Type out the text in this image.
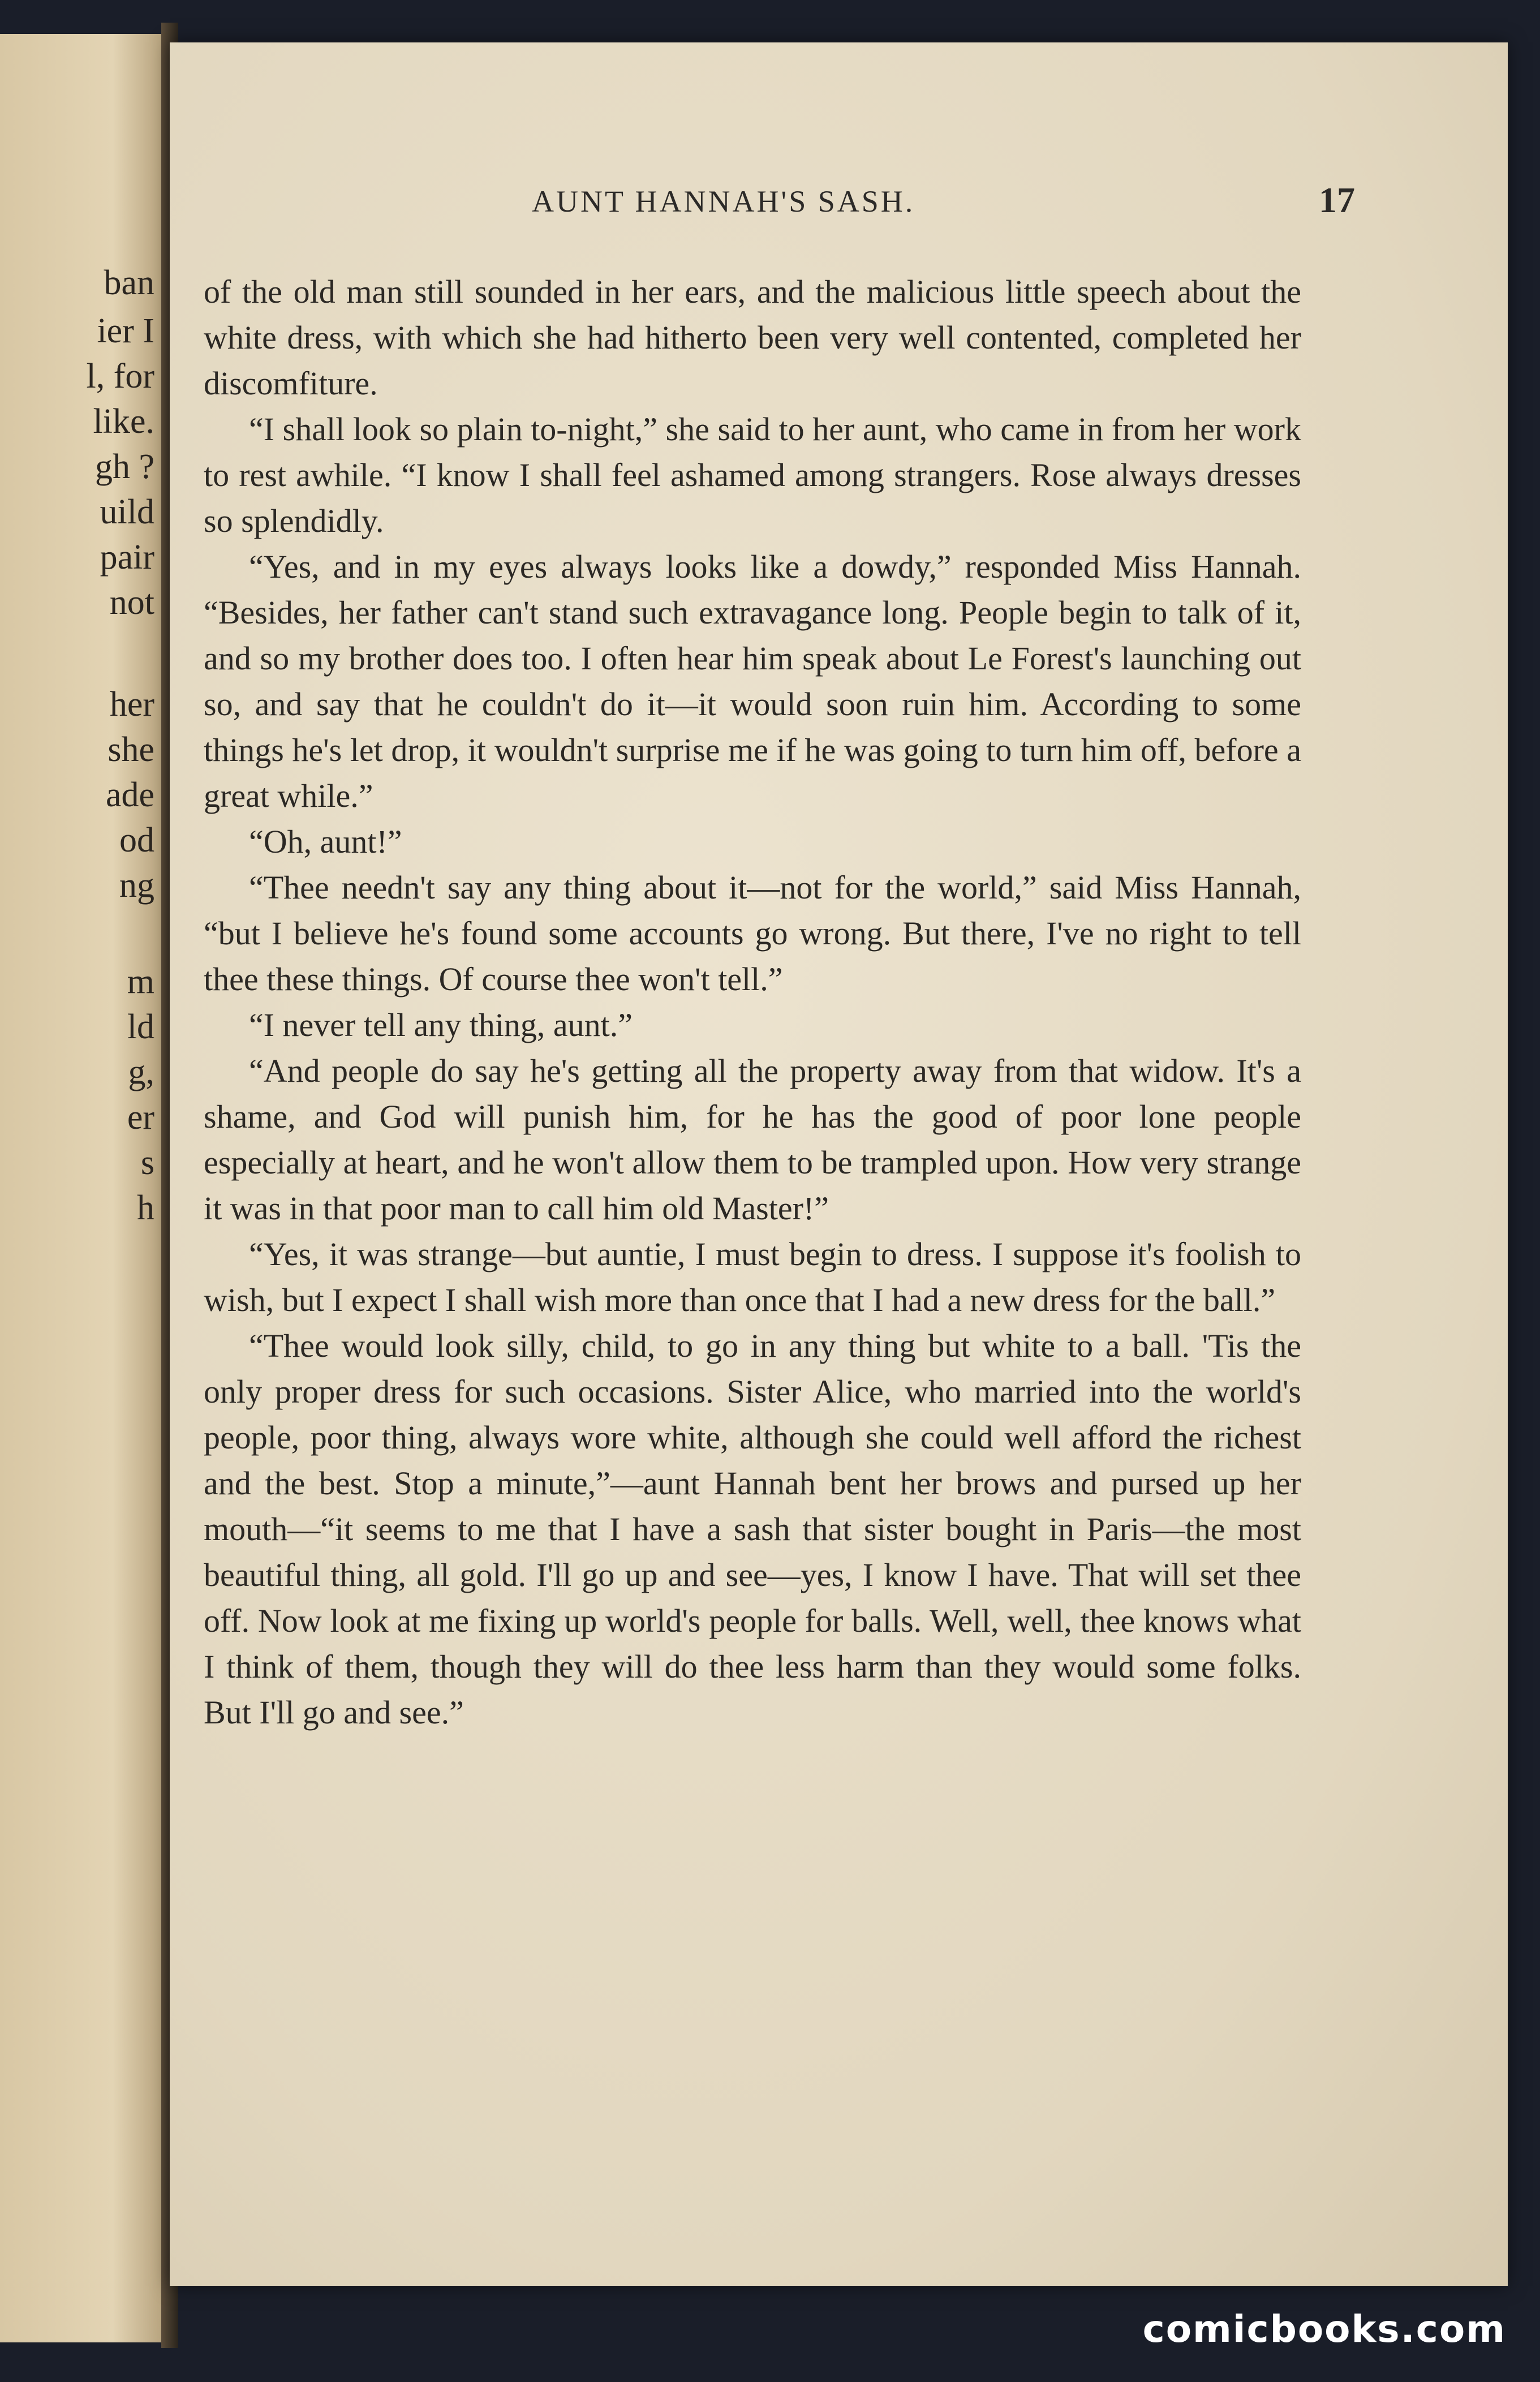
ban
ier I
l, for
like.
gh ?
uild
pair
not
her
she
ade
od
ng
m
ld
g,
er
s
h
AUNT HANNAH'S SASH.	17

of the old man still sounded in her ears, and the malicious little speech about the white dress, with which she had hitherto been very well contented, completed her discomfiture.

“I shall look so plain to-night,” she said to her aunt, who came in from her work to rest awhile. “I know I shall feel ashamed among strangers. Rose always dresses so splendidly.

“Yes, and in my eyes always looks like a dowdy,” responded Miss Hannah. “Besides, her father can't stand such extravagance long. People begin to talk of it, and so my brother does too. I often hear him speak about Le Forest's launching out so, and say that he couldn't do it—it would soon ruin him. According to some things he's let drop, it wouldn't surprise me if he was going to turn him off, before a great while.”

“Oh, aunt!”

“Thee needn't say any thing about it—not for the world,” said Miss Hannah, “but I believe he's found some accounts go wrong. But there, I've no right to tell thee these things. Of course thee won't tell.”

“I never tell any thing, aunt.”

“And people do say he's getting all the property away from that widow. It's a shame, and God will punish him, for he has the good of poor lone people especially at heart, and he won't allow them to be trampled upon. How very strange it was in that poor man to call him old Master!”

“Yes, it was strange—but auntie, I must begin to dress. I suppose it's foolish to wish, but I expect I shall wish more than once that I had a new dress for the ball.”

“Thee would look silly, child, to go in any thing but white to a ball. 'Tis the only proper dress for such occasions. Sister Alice, who married into the world's people, poor thing, always wore white, although she could well afford the richest and the best. Stop a minute,”—aunt Hannah bent her brows and pursed up her mouth—“it seems to me that I have a sash that sister bought in Paris—the most beautiful thing, all gold. I'll go up and see—yes, I know I have. That will set thee off. Now look at me fixing up world's people for balls. Well, well, thee knows what I think of them, though they will do thee less harm than they would some folks. But I'll go and see.”

comicbooks.com
